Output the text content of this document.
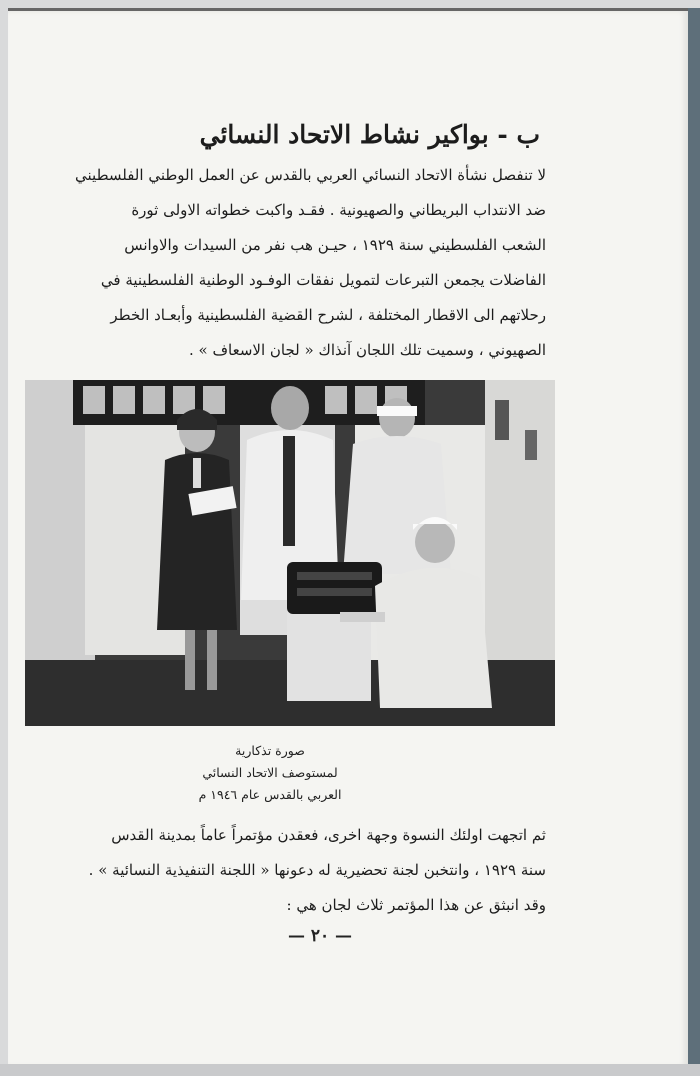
ب - بواكير نشاط الاتحاد النسائي

لا تنفصل نشأة الاتحاد النسائي العربي بالقدس عن العمل الوطني الفلسطيني

ضد الانتداب البريطاني والصهيونية . فقـد واكبت خطواته الاولى ثورة

الشعب الفلسطيني سنة ١٩٢٩ ، حيـن هب نفر من السيدات والاوانس

الفاضلات يجمعن التبرعات لتمويل نفقات الوفـود الوطنية الفلسطينية في

رحلاتهم الى الاقطار المختلفة ، لشرح القضية الفلسطينية وأبعـاد الخطر

الصهيوني ، وسميت تلك اللجان آنذاك « لجان الاسعاف » .

صورة تذكارية
لمستوصف الاتحاد النسائي
العربي بالقدس عام ١٩٤٦ م

ثم اتجهت اولئك النسوة وجهة اخرى، فعقدن مؤتمراً عاماً بمدينة القدس

سنة ١٩٢٩ ، وانتخبن لجنة تحضيرية له دعونها « اللجنة التنفيذية النسائية » .

وقد انبثق عن هذا المؤتمر ثلاث لجان هي :

— ٢٠ —
